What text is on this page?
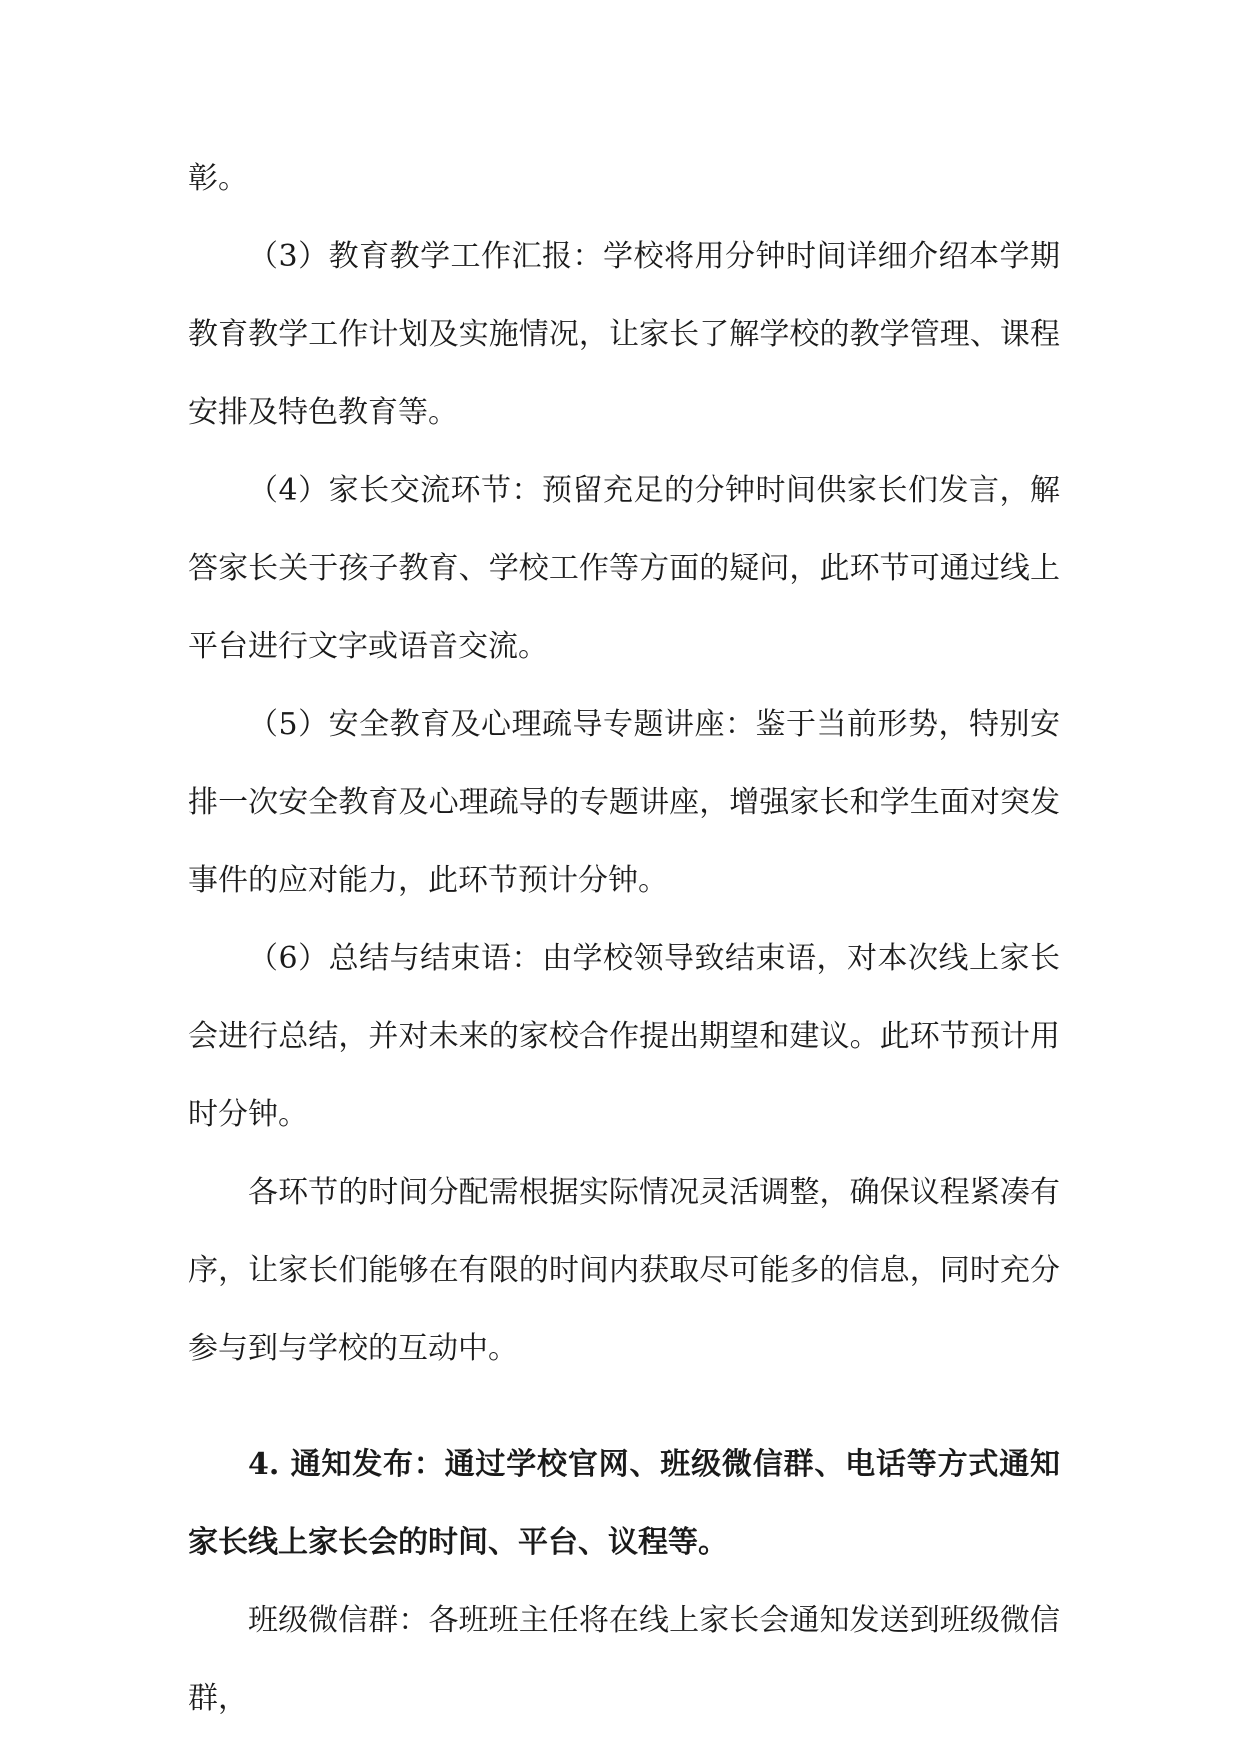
彰。

（3）教育教学工作汇报：学校将用分钟时间详细介绍本学期教育教学工作计划及实施情况，让家长了解学校的教学管理、课程安排及特色教育等。

（4）家长交流环节：预留充足的分钟时间供家长们发言，解答家长关于孩子教育、学校工作等方面的疑问，此环节可通过线上平台进行文字或语音交流。

（5）安全教育及心理疏导专题讲座：鉴于当前形势，特别安排一次安全教育及心理疏导的专题讲座，增强家长和学生面对突发事件的应对能力，此环节预计分钟。

（6）总结与结束语：由学校领导致结束语，对本次线上家长会进行总结，并对未来的家校合作提出期望和建议。此环节预计用时分钟。

各环节的时间分配需根据实际情况灵活调整，确保议程紧凑有序，让家长们能够在有限的时间内获取尽可能多的信息，同时充分参与到与学校的互动中。

4. 通知发布：通过学校官网、班级微信群、电话等方式通知家长线上家长会的时间、平台、议程等。

班级微信群：各班班主任将在线上家长会通知发送到班级微信群，
